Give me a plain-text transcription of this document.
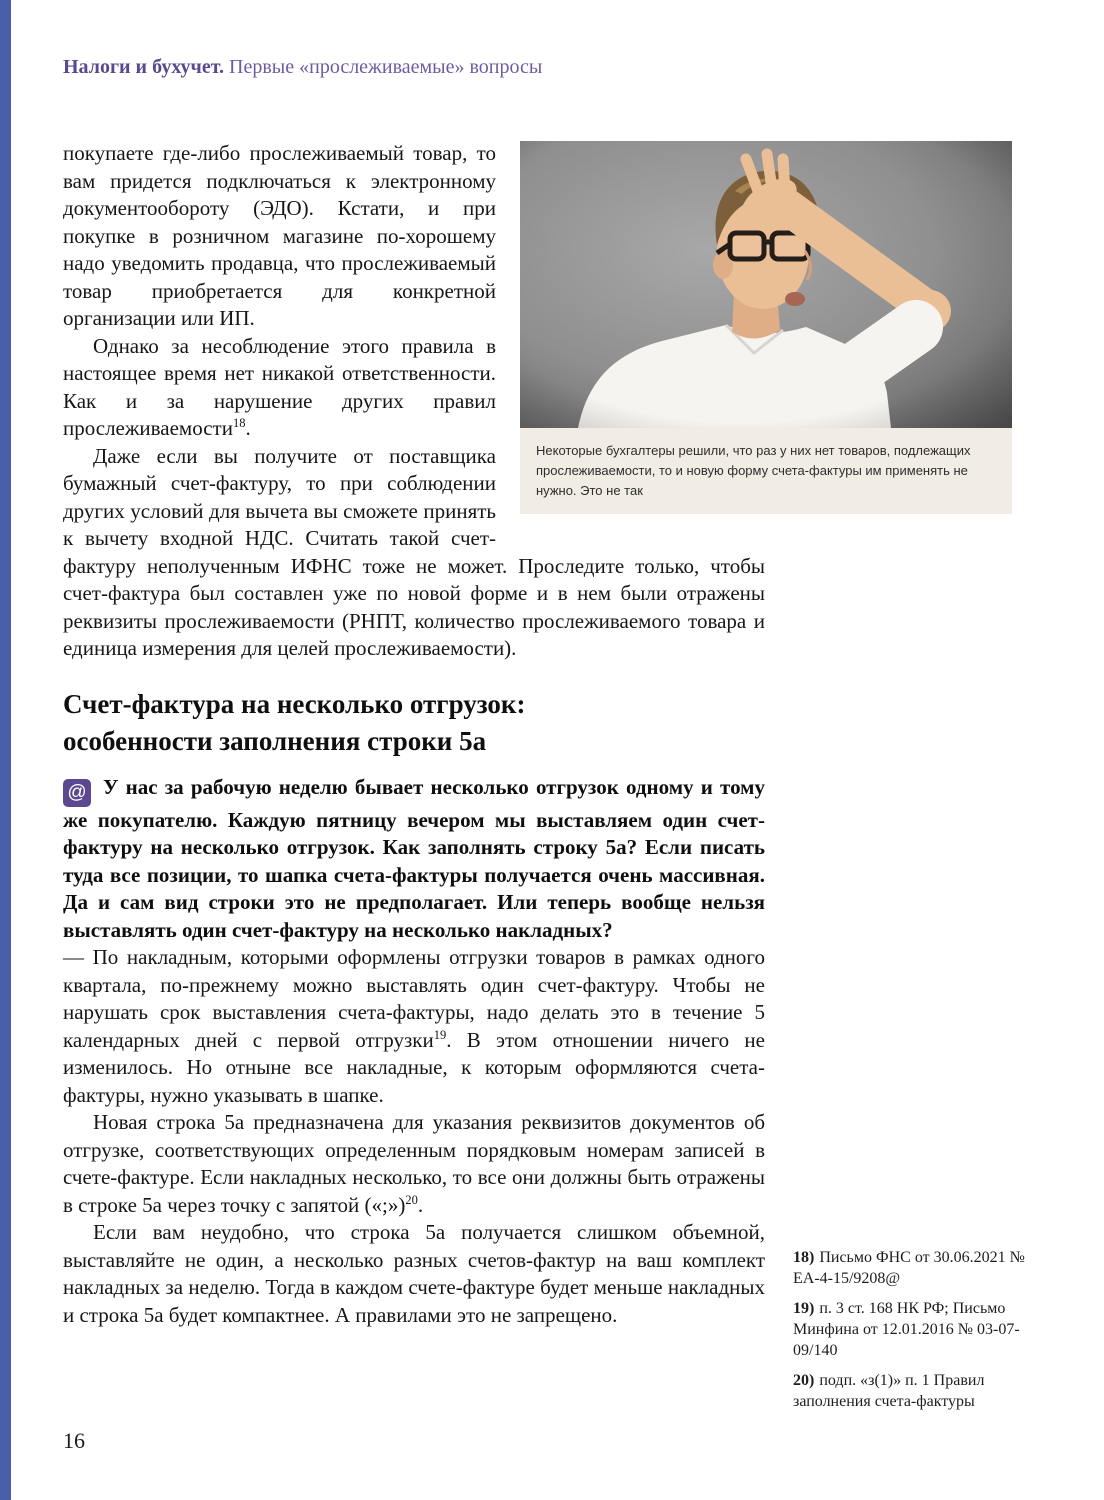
Налоги и бухучет. Первые «прослеживаемые» вопросы
Некоторые бухгалтеры решили, что раз у них нет товаров, подлежащих прослеживаемости, то и новую форму счета-фактуры им применять не нужно. Это не так

покупаете где-либо прослеживаемый товар, то вам придется подключаться к электронному документообороту (ЭДО). Кстати, и при покупке в розничном магазине по-хорошему надо уведомить продавца, что прослеживаемый товар приобретается для конкретной организации или ИП.

Однако за несоблюдение этого правила в настоящее время нет никакой ответственности. Как и за нарушение других правил прослеживаемости$^{18}$.

Даже если вы получите от поставщика бумажный счет-фактуру, то при соблюдении других условий для вычета вы сможете принять к вычету входной НДС. Считать такой счет-фактуру неполученным ИФНС тоже не может. Проследите только, чтобы счет-фактура был составлен уже по новой форме и в нем были отражены реквизиты прослеживаемости (РНПТ, количество прослеживаемого товара и единица измерения для целей прослеживаемости).

Счет-фактура на несколько отгрузок:
особенности заполнения строки 5а

@ У нас за рабочую неделю бывает несколько отгрузок одному и тому же покупателю. Каждую пятницу вечером мы выставляем один счет-фактуру на несколько отгрузок. Как заполнять строку 5а? Если писать туда все позиции, то шапка счета-фактуры получается очень массивная. Да и сам вид строки это не предполагает. Или теперь вообще нельзя выставлять один счет-фактуру на несколько накладных?

— По накладным, которыми оформлены отгрузки товаров в рамках одного квартала, по-прежнему можно выставлять один счет-фактуру. Чтобы не нарушать срок выставления счета-фактуры, надо делать это в течение 5 календарных дней с первой отгрузки$^{19}$. В этом отношении ничего не изменилось. Но отныне все накладные, к которым оформляются счета-фактуры, нужно указывать в шапке.

Новая строка 5а предназначена для указания реквизитов документов об отгрузке, соответствующих определенным порядковым номерам записей в счете-фактуре. Если накладных несколько, то все они должны быть отражены в строке 5а через точку с запятой («;»)$^{20}$.

Если вам неудобно, что строка 5а получается слишком объемной, выставляйте не один, а несколько разных счетов-фактур на ваш комплект накладных за неделю. Тогда в каждом счете-фактуре будет меньше накладных и строка 5а будет компактнее. А правилами это не запрещено.

18) Письмо ФНС от 30.06.2021 № ЕА-4-15/9208@

19) п. 3 ст. 168 НК РФ; Письмо Минфина от 12.01.2016 № 03-07-09/140

20) подп. «з(1)» п. 1 Правил заполнения счета-фактуры

16
